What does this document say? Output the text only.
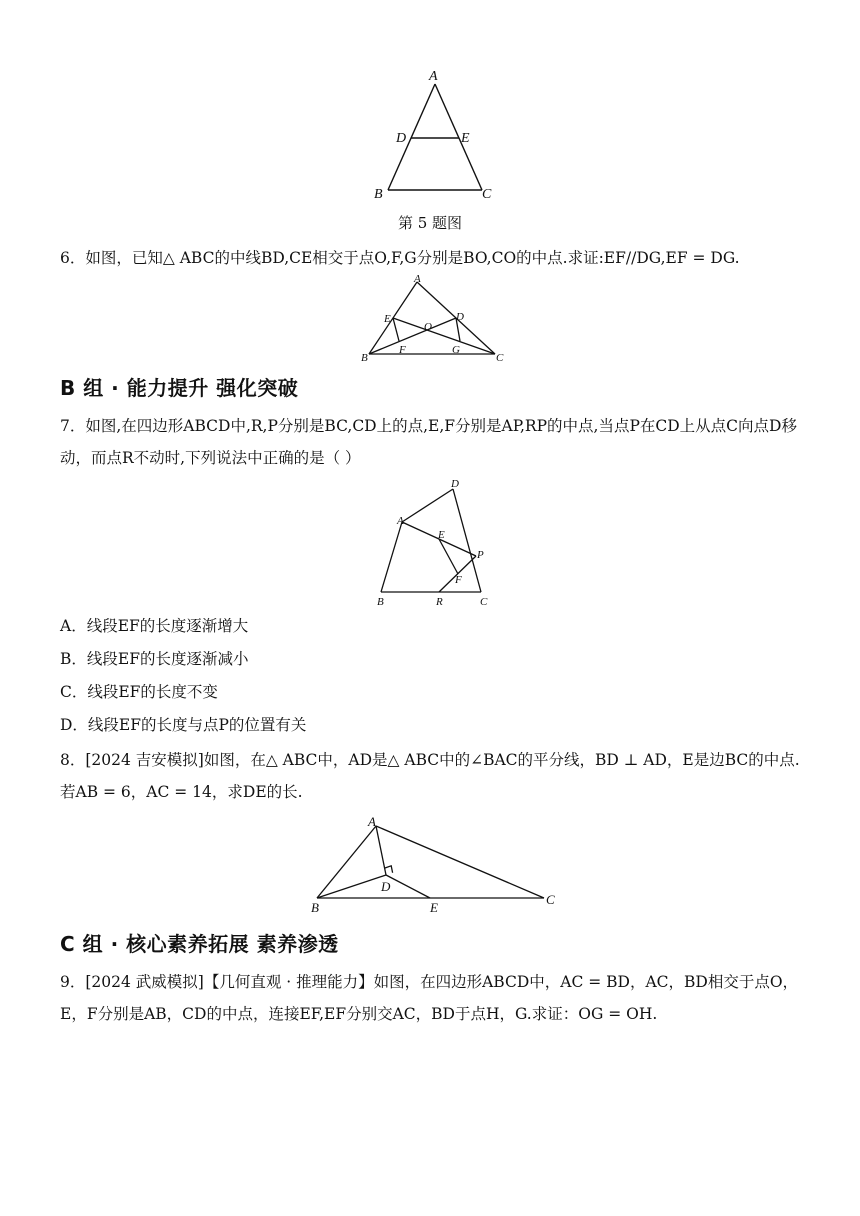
A
D	E
B	C
第 5 题图
6．如图，已知△ ABC的中线BD,CE相交于点O,F,G分别是BO,CO的中点.求证:EF//DG,EF = DG.
A
E	D
O
F	G
B	C
B 组 · 能力提升 强化突破
7．如图,在四边形ABCD中,R,P分别是BC,CD上的点,E,F分别是AP,RP的中点,当点P在CD上从点C向点D移动，而点R不动时,下列说法中正确的是（ ）
D
A
E
P
F
B	R	C
A．线段EF的长度逐渐增大
B．线段EF的长度逐渐减小
C．线段EF的长度不变
D．线段EF的长度与点P的位置有关
8．[2024 吉安模拟]如图，在△ ABC中，AD是△ ABC中的∠BAC的平分线，BD ⊥ AD，E是边BC的中点.若AB = 6，AC = 14，求DE的长.
A
D
B	E
C
C 组 · 核心素养拓展 素养渗透
9．[2024 武威模拟]【几何直观 · 推理能力】如图，在四边形ABCD中，AC = BD，AC，BD相交于点O，E，F分别是AB，CD的中点，连接EF,EF分别交AC，BD于点H，G.求证：OG = OH.
